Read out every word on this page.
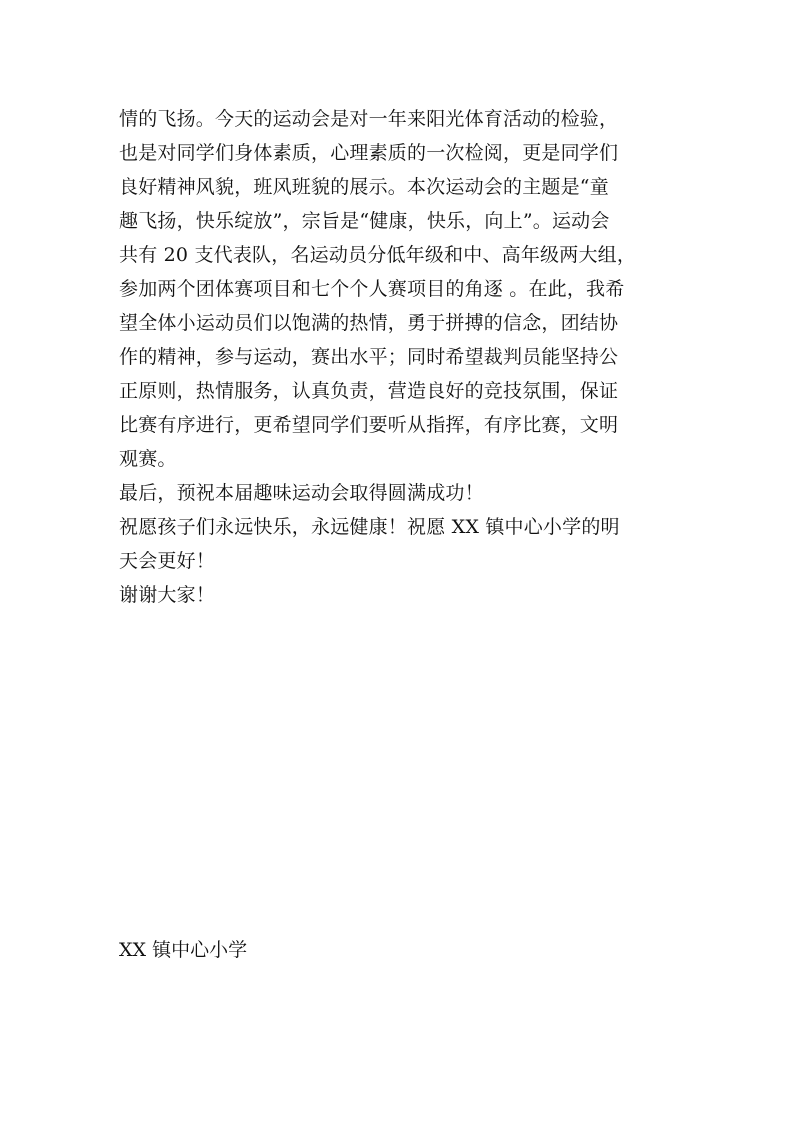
情的飞扬。今天的运动会是对一年来阳光体育活动的检验，
也是对同学们身体素质，心理素质的一次检阅，更是同学们
良好精神风貌，班风班貌的展示。本次运动会的主题是“童
趣飞扬，快乐绽放”，宗旨是“健康，快乐，向上”。运动会
共有 20 支代表队，名运动员分低年级和中、高年级两大组，
参加两个团体赛项目和七个个人赛项目的角逐 。在此，我希
望全体小运动员们以饱满的热情，勇于拼搏的信念，团结协
作的精神，参与运动，赛出水平；同时希望裁判员能坚持公
正原则，热情服务，认真负责，营造良好的竞技氛围，保证
比赛有序进行，更希望同学们要听从指挥，有序比赛，文明
观赛。
最后，预祝本届趣味运动会取得圆满成功！
祝愿孩子们永远快乐，永远健康！祝愿 XX 镇中心小学的明
天会更好！
谢谢大家！
XX 镇中心小学
